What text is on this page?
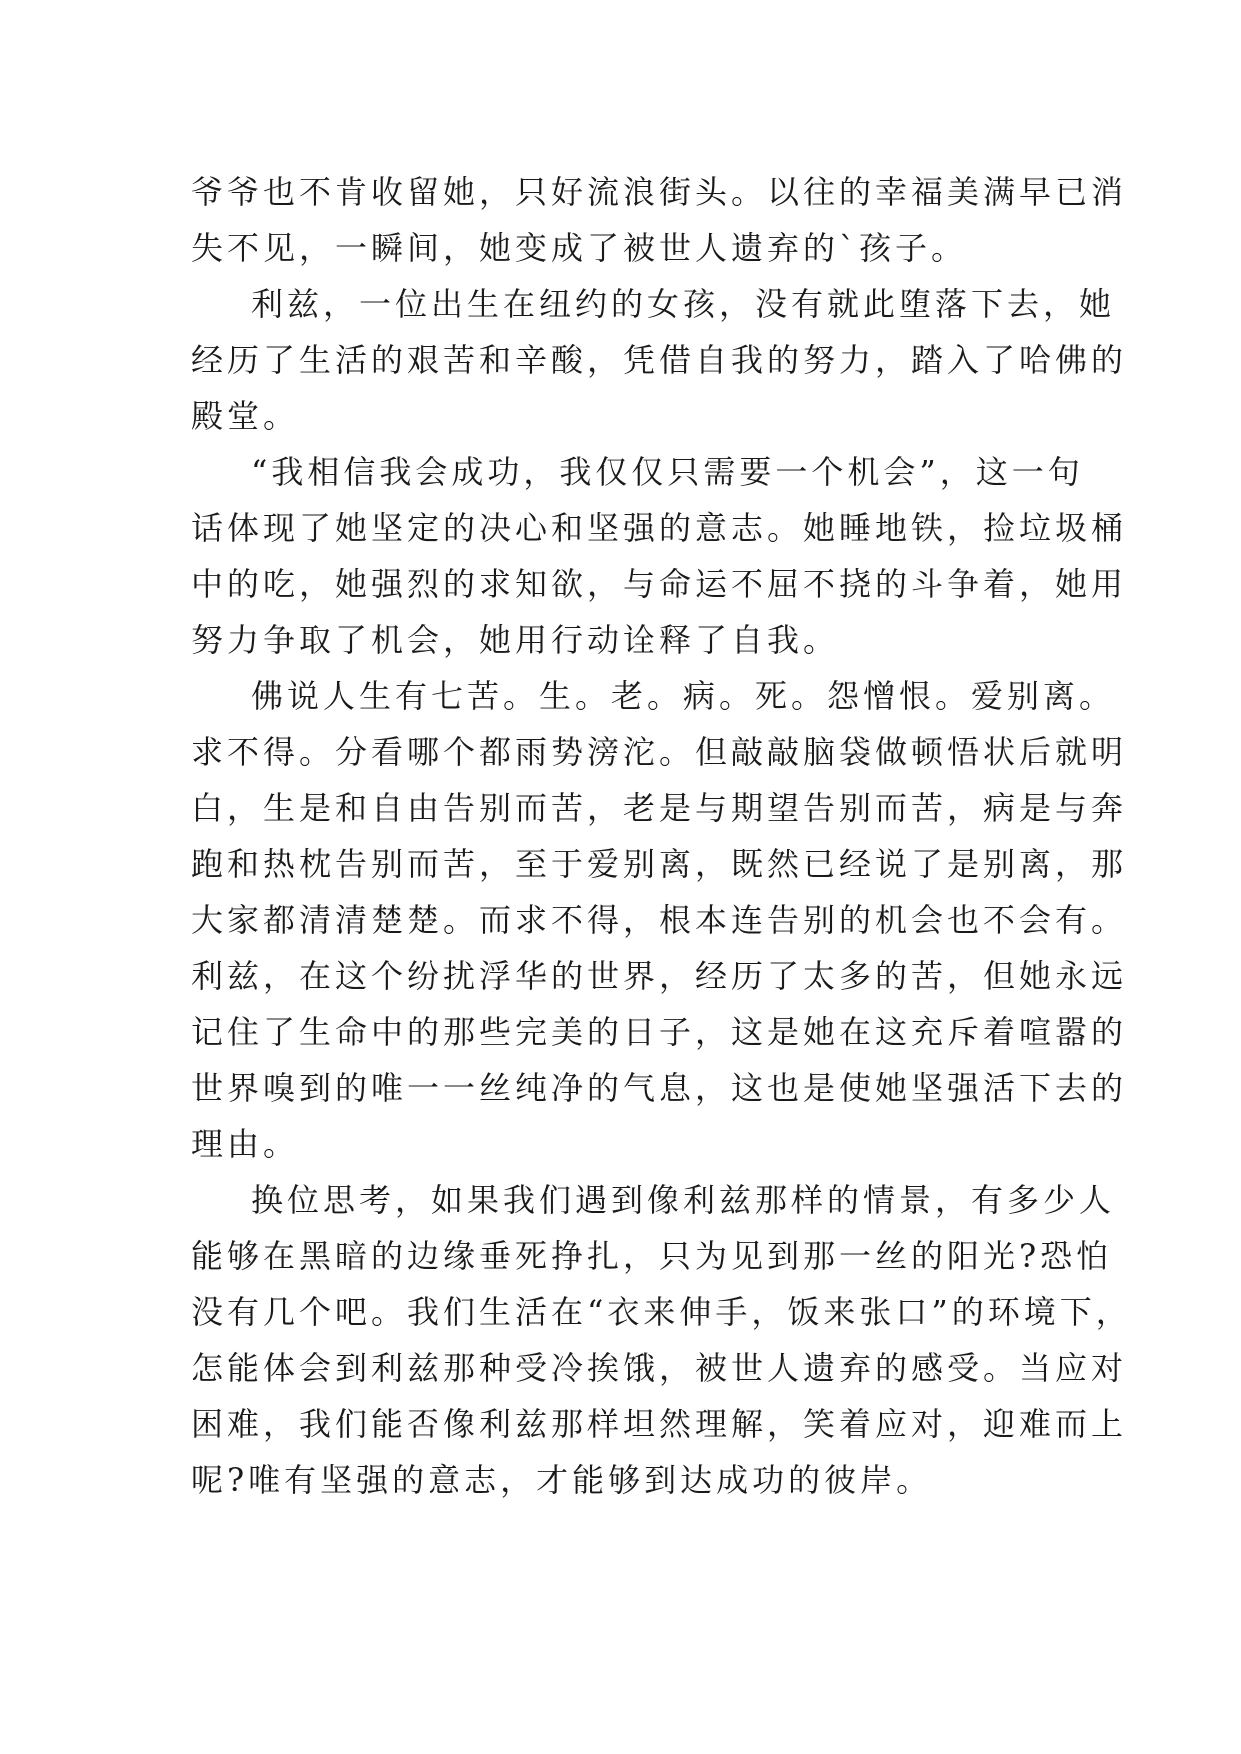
爷爷也不肯收留她，只好流浪街头。以往的幸福美满早已消
失不见，一瞬间，她变成了被世人遗弃的`孩子。
利兹，一位出生在纽约的女孩，没有就此堕落下去，她
经历了生活的艰苦和辛酸，凭借自我的努力，踏入了哈佛的
殿堂。
“我相信我会成功，我仅仅只需要一个机会”，这一句
话体现了她坚定的决心和坚强的意志。她睡地铁，捡垃圾桶
中的吃，她强烈的求知欲，与命运不屈不挠的斗争着，她用
努力争取了机会，她用行动诠释了自我。
佛说人生有七苦。生。老。病。死。怨憎恨。爱别离。
求不得。分看哪个都雨势滂沱。但敲敲脑袋做顿悟状后就明
白，生是和自由告别而苦，老是与期望告别而苦，病是与奔
跑和热枕告别而苦，至于爱别离，既然已经说了是别离，那
大家都清清楚楚。而求不得，根本连告别的机会也不会有。
利兹，在这个纷扰浮华的世界，经历了太多的苦，但她永远
记住了生命中的那些完美的日子，这是她在这充斥着喧嚣的
世界嗅到的唯一一丝纯净的气息，这也是使她坚强活下去的
理由。
换位思考，如果我们遇到像利兹那样的情景，有多少人
能够在黑暗的边缘垂死挣扎，只为见到那一丝的阳光?恐怕
没有几个吧。我们生活在“衣来伸手，饭来张口”的环境下，
怎能体会到利兹那种受冷挨饿，被世人遗弃的感受。当应对
困难，我们能否像利兹那样坦然理解，笑着应对，迎难而上
呢?唯有坚强的意志，才能够到达成功的彼岸。
